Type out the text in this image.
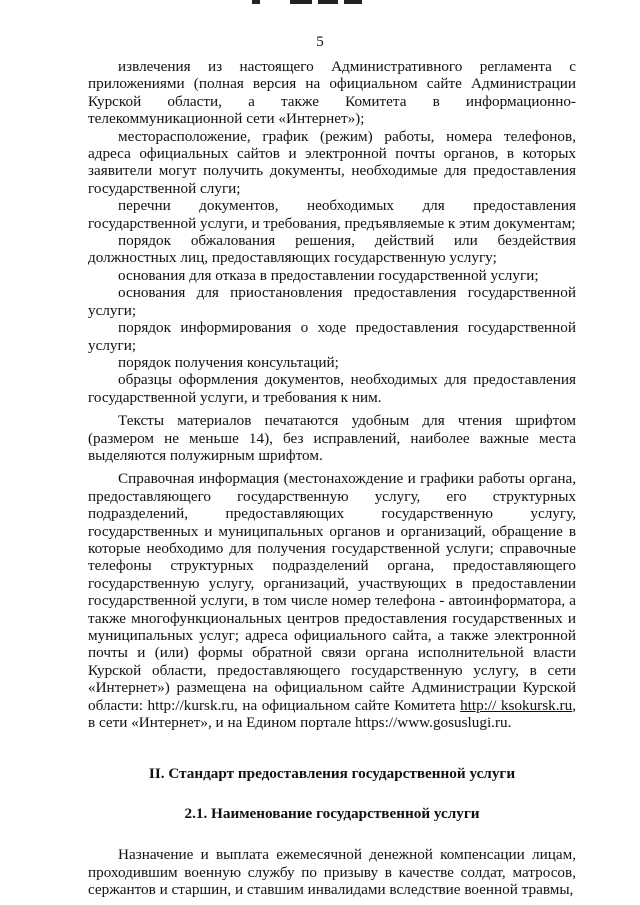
5

извлечения из настоящего Административного регламента с приложениями (полная версия на официальном сайте Администрации Курской области, а также Комитета в информационно-телекоммуникационной сети «Интернет»);

месторасположение, график (режим) работы, номера телефонов, адреса официальных сайтов и электронной почты органов, в которых заявители могут получить документы, необходимые для предоставления государственной слуги;

перечни документов, необходимых для предоставления государственной услуги, и требования, предъявляемые к этим документам;

порядок обжалования решения, действий или бездействия должностных лиц, предоставляющих государственную услугу;

основания для отказа в предоставлении государственной услуги;

основания для приостановления предоставления государственной услуги;

порядок информирования о ходе предоставления государственной услуги;

порядок получения консультаций;

образцы оформления документов, необходимых для предоставления государственной услуги, и требования к ним.

Тексты материалов печатаются удобным для чтения шрифтом (размером не меньше 14), без исправлений, наиболее важные места выделяются полужирным шрифтом.

Справочная информация (местонахождение и графики работы органа, предоставляющего государственную услугу, его структурных подразделений, предоставляющих государственную услугу, государственных и муниципальных органов и организаций, обращение в которые необходимо для получения государственной услуги; справочные телефоны структурных подразделений органа, предоставляющего государственную услугу, организаций, участвующих в предоставлении государственной услуги, в том числе номер телефона - автоинформатора, а также многофункциональных центров предоставления государственных и муниципальных услуг; адреса официального сайта, а также электронной почты и (или) формы обратной связи органа исполнительной власти Курской области, предоставляющего государственную услугу, в сети «Интернет») размещена на официальном сайте Администрации Курской области: http://kursk.ru, на официальном сайте Комитета http:// ksokursk.ru, в сети «Интернет», и на Едином портале https://www.gosuslugi.ru.

II. Стандарт предоставления государственной услуги

2.1. Наименование государственной услуги

Назначение и выплата ежемесячной денежной компенсации лицам, проходившим военную службу по призыву в качестве солдат, матросов, сержантов и старшин, и ставшим инвалидами вследствие военной травмы,
